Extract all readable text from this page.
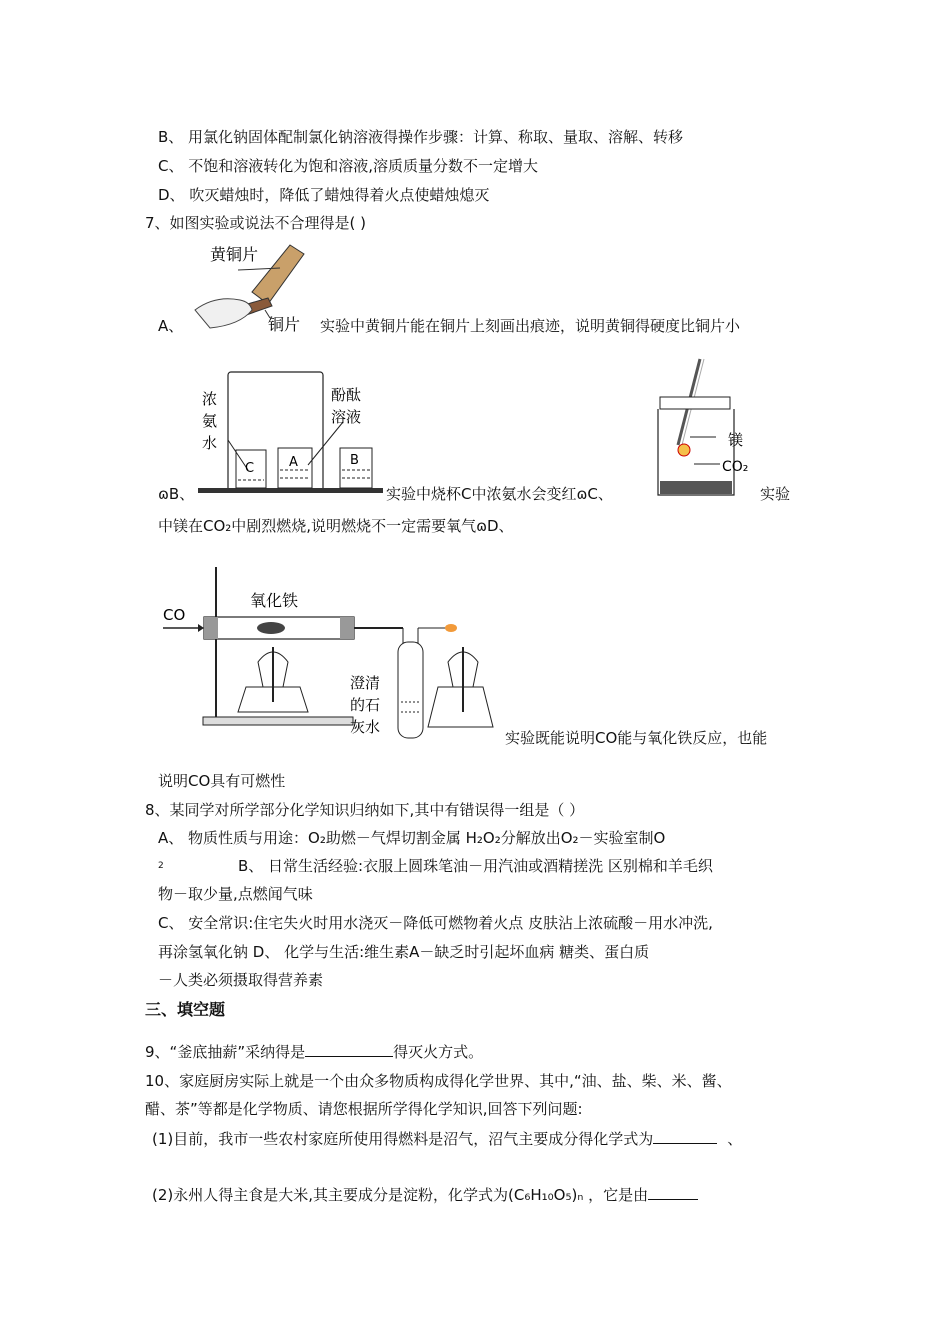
B、 用氯化钠固体配制氯化钠溶液得操作步骤：计算、称取、量取、溶解、转移
C、 不饱和溶液转化为饱和溶液,溶质质量分数不一定增大
D、 吹灭蜡烛时，降低了蜡烛得着火点使蜡烛熄灭
7、如图实验或说法不合理得是( )
黄铜片
铜片
A、	实验中黄铜片能在铜片上刻画出痕迹，说明黄铜得硬度比铜片小
浓
氨
水
酚酞
溶液
C	A	B
ɷB、	实验中烧杯C中浓氨水会变红ɷC、
镁
CO₂
实验
中镁在CO₂中剧烈燃烧,说明燃烧不一定需要氧气ɷD、
CO
氧化铁
澄清
的石
灰水
实验既能说明CO能与氧化铁反应，也能
说明CO具有可燃性
8、某同学对所学部分化学知识归纳如下,其中有错误得一组是（ ）
A、 物质性质与用途：O₂助燃－气焊切割金属 H₂O₂分解放出O₂－实验室制O
2	B、 日常生活经验:衣服上圆珠笔油－用汽油或酒精搓洗 区别棉和羊毛织
物－取少量,点燃闻气味
C、 安全常识:住宅失火时用水浇灭－降低可燃物着火点 皮肤沾上浓硫酸－用水冲洗,
再涂氢氧化钠 D、 化学与生活:维生素A－缺乏时引起坏血病 糖类、蛋白质
－人类必须摄取得营养素
三、填空题
9、“釜底抽薪”采纳得是	得灭火方式。
10、家庭厨房实际上就是一个由众多物质构成得化学世界、其中,“油、盐、柴、米、酱、
醋、茶”等都是化学物质、请您根据所学得化学知识,回答下列问题:
(1)目前，我市一些农村家庭所使用得燃料是沼气，沼气主要成分得化学式为	、
(2)永州人得主食是大米,其主要成分是淀粉，化学式为(C₆H₁₀O₅)ₙ ，它是由
